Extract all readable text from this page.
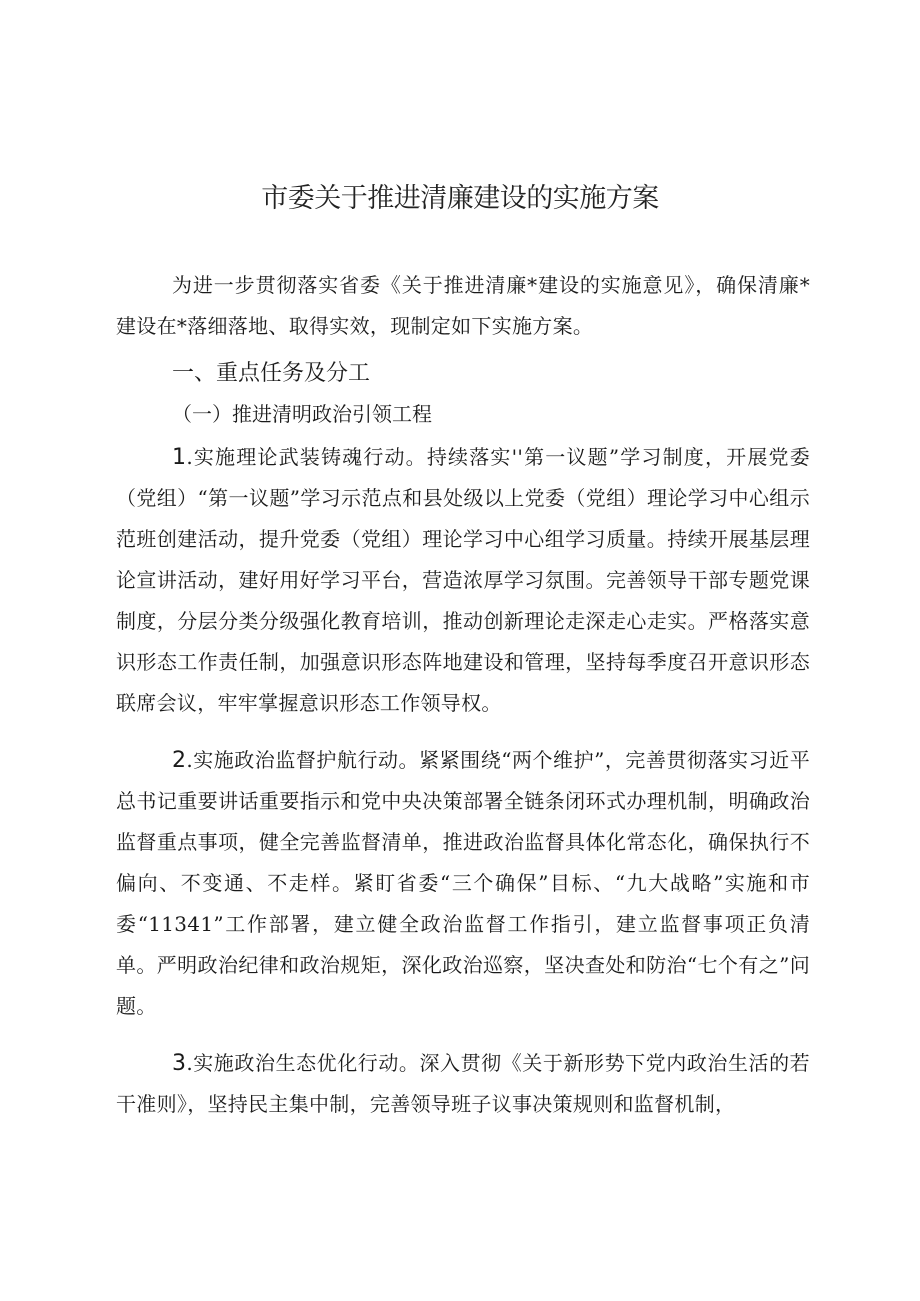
市委关于推进清廉建设的实施方案

为进一步贯彻落实省委《关于推进清廉*建设的实施意见》，确保清廉*建设在*落细落地、取得实效，现制定如下实施方案。

一、重点任务及分工

（一）推进清明政治引领工程

1.实施理论武装铸魂行动。持续落实''第一议题”学习制度，开展党委（党组）“第一议题”学习示范点和县处级以上党委（党组）理论学习中心组示范班创建活动，提升党委（党组）理论学习中心组学习质量。持续开展基层理论宣讲活动，建好用好学习平台，营造浓厚学习氛围。完善领导干部专题党课制度，分层分类分级强化教育培训，推动创新理论走深走心走实。严格落实意识形态工作责任制，加强意识形态阵地建设和管理，坚持每季度召开意识形态联席会议，牢牢掌握意识形态工作领导权。

2.实施政治监督护航行动。紧紧围绕“两个维护”，完善贯彻落实习近平总书记重要讲话重要指示和党中央决策部署全链条闭环式办理机制，明确政治监督重点事项，健全完善监督清单，推进政治监督具体化常态化，确保执行不偏向、不变通、不走样。紧盯省委“三个确保”目标、“九大战略”实施和市委“11341”工作部署，建立健全政治监督工作指引，建立监督事项正负清单。严明政治纪律和政治规矩，深化政治巡察，坚决查处和防治“七个有之”问题。

3.实施政治生态优化行动。深入贯彻《关于新形势下党内政治生活的若干准则》，坚持民主集中制，完善领导班子议事决策规则和监督机制，
